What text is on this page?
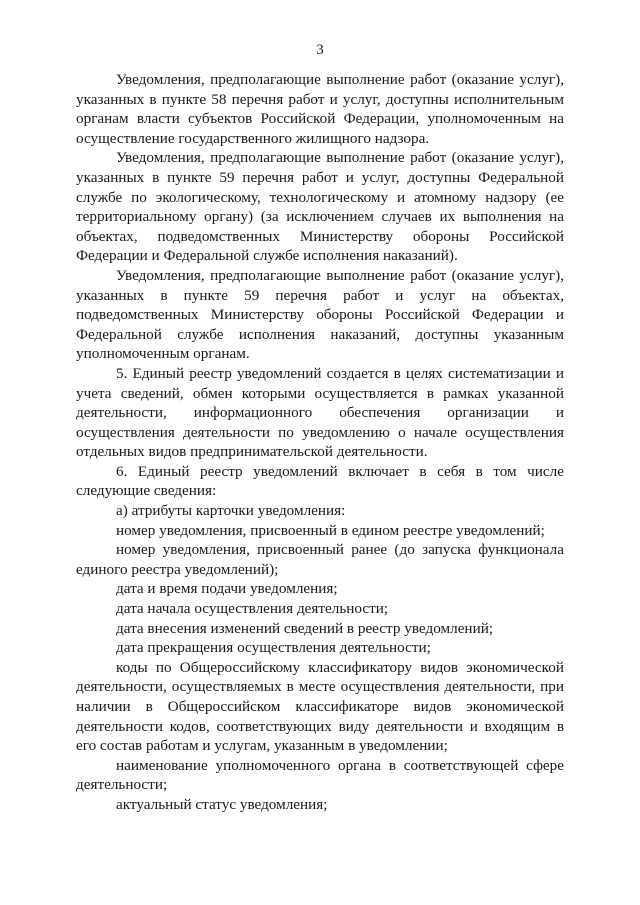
3

Уведомления, предполагающие выполнение работ (оказание услуг), указанных в пункте 58 перечня работ и услуг, доступны исполнительным органам власти субъектов Российской Федерации, уполномоченным на осуществление государственного жилищного надзора.

Уведомления, предполагающие выполнение работ (оказание услуг), указанных в пункте 59 перечня работ и услуг, доступны Федеральной службе по экологическому, технологическому и атомному надзору (ее территориальному органу) (за исключением случаев их выполнения на объектах, подведомственных Министерству обороны Российской Федерации и Федеральной службе исполнения наказаний).

Уведомления, предполагающие выполнение работ (оказание услуг), указанных в пункте 59 перечня работ и услуг на объектах, подведомственных Министерству обороны Российской Федерации и Федеральной службе исполнения наказаний, доступны указанным уполномоченным органам.

5. Единый реестр уведомлений создается в целях систематизации и учета сведений, обмен которыми осуществляется в рамках указанной деятельности, информационного обеспечения организации и осуществления деятельности по уведомлению о начале осуществления отдельных видов предпринимательской деятельности.

6. Единый реестр уведомлений включает в себя в том числе следующие сведения:

а) атрибуты карточки уведомления:

номер уведомления, присвоенный в едином реестре уведомлений;

номер уведомления, присвоенный ранее (до запуска функционала единого реестра уведомлений);

дата и время подачи уведомления;

дата начала осуществления деятельности;

дата внесения изменений сведений в реестр уведомлений;

дата прекращения осуществления деятельности;

коды по Общероссийскому классификатору видов экономической деятельности, осуществляемых в месте осуществления деятельности, при наличии в Общероссийском классификаторе видов экономической деятельности кодов, соответствующих виду деятельности и входящим в его состав работам и услугам, указанным в уведомлении;

наименование уполномоченного органа в соответствующей сфере деятельности;

актуальный статус уведомления;
